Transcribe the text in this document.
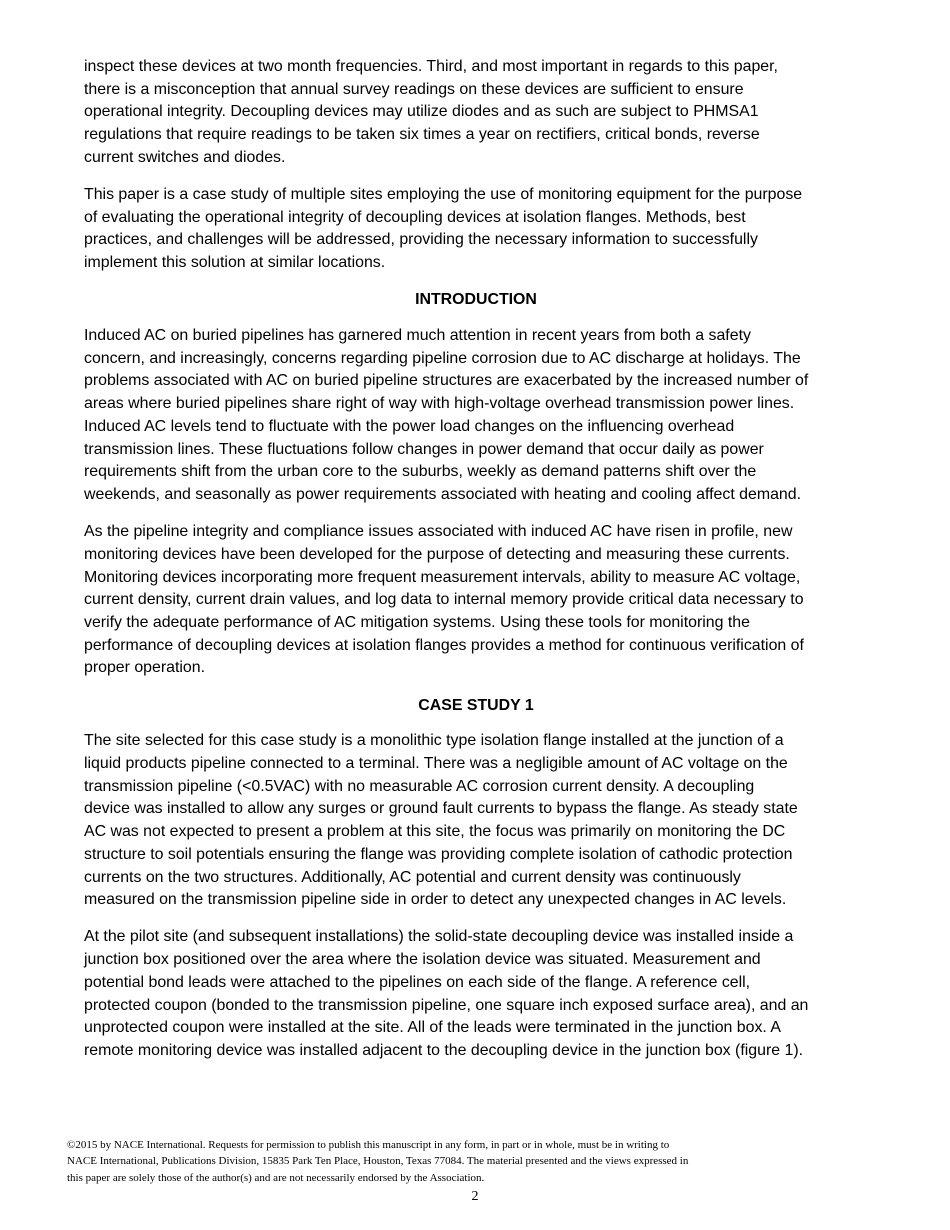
inspect these devices at two month frequencies. Third, and most important in regards to this paper,
there is a misconception that annual survey readings on these devices are sufficient to ensure
operational integrity. Decoupling devices may utilize diodes and as such are subject to PHMSA1
regulations that require readings to be taken six times a year on rectifiers, critical bonds, reverse
current switches and diodes.

This paper is a case study of multiple sites employing the use of monitoring equipment for the purpose
of evaluating the operational integrity of decoupling devices at isolation flanges. Methods, best
practices, and challenges will be addressed, providing the necessary information to successfully
implement this solution at similar locations.

INTRODUCTION

Induced AC on buried pipelines has garnered much attention in recent years from both a safety
concern, and increasingly, concerns regarding pipeline corrosion due to AC discharge at holidays. The
problems associated with AC on buried pipeline structures are exacerbated by the increased number of
areas where buried pipelines share right of way with high-voltage overhead transmission power lines.
Induced AC levels tend to fluctuate with the power load changes on the influencing overhead
transmission lines. These fluctuations follow changes in power demand that occur daily as power
requirements shift from the urban core to the suburbs, weekly as demand patterns shift over the
weekends, and seasonally as power requirements associated with heating and cooling affect demand.

As the pipeline integrity and compliance issues associated with induced AC have risen in profile, new
monitoring devices have been developed for the purpose of detecting and measuring these currents.
Monitoring devices incorporating more frequent measurement intervals, ability to measure AC voltage,
current density, current drain values, and log data to internal memory provide critical data necessary to
verify the adequate performance of AC mitigation systems. Using these tools for monitoring the
performance of decoupling devices at isolation flanges provides a method for continuous verification of
proper operation.

CASE STUDY 1

The site selected for this case study is a monolithic type isolation flange installed at the junction of a
liquid products pipeline connected to a terminal. There was a negligible amount of AC voltage on the
transmission pipeline (<0.5VAC) with no measurable AC corrosion current density. A decoupling
device was installed to allow any surges or ground fault currents to bypass the flange. As steady state
AC was not expected to present a problem at this site, the focus was primarily on monitoring the DC
structure to soil potentials ensuring the flange was providing complete isolation of cathodic protection
currents on the two structures. Additionally, AC potential and current density was continuously
measured on the transmission pipeline side in order to detect any unexpected changes in AC levels.

At the pilot site (and subsequent installations) the solid-state decoupling device was installed inside a
junction box positioned over the area where the isolation device was situated. Measurement and
potential bond leads were attached to the pipelines on each side of the flange. A reference cell,
protected coupon (bonded to the transmission pipeline, one square inch exposed surface area), and an
unprotected coupon were installed at the site. All of the leads were terminated in the junction box. A
remote monitoring device was installed adjacent to the decoupling device in the junction box (figure 1).

©2015 by NACE International. Requests for permission to publish this manuscript in any form, in part or in whole, must be in writing to
NACE International, Publications Division, 15835 Park Ten Place, Houston, Texas 77084. The material presented and the views expressed in
this paper are solely those of the author(s) and are not necessarily endorsed by the Association.
2
